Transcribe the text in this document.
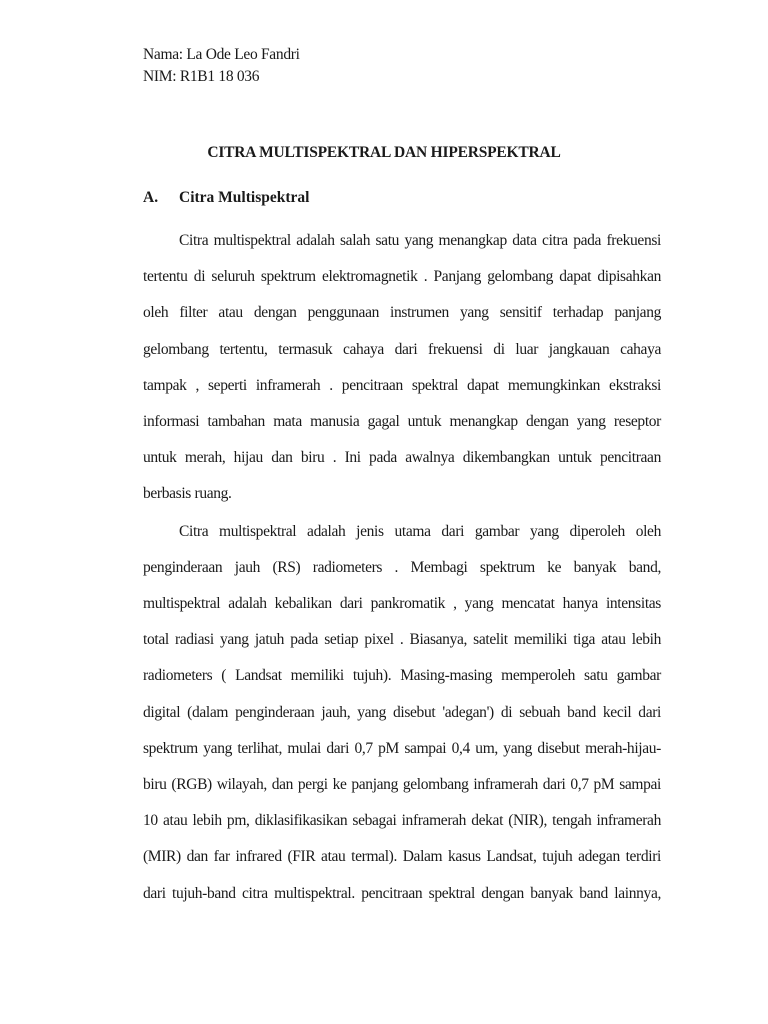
Nama: La Ode Leo Fandri
NIM: R1B1 18 036
CITRA MULTISPEKTRAL DAN HIPERSPEKTRAL
A. Citra Multispektral
Citra multispektral adalah salah satu yang menangkap data citra pada frekuensi
tertentu di seluruh spektrum elektromagnetik . Panjang gelombang dapat dipisahkan
oleh filter atau dengan penggunaan instrumen yang sensitif terhadap panjang
gelombang tertentu, termasuk cahaya dari frekuensi di luar jangkauan cahaya
tampak , seperti inframerah . pencitraan spektral dapat memungkinkan ekstraksi
informasi tambahan mata manusia gagal untuk menangkap dengan yang reseptor
untuk merah, hijau dan biru . Ini pada awalnya dikembangkan untuk pencitraan
berbasis ruang.
Citra multispektral adalah jenis utama dari gambar yang diperoleh oleh
penginderaan jauh (RS) radiometers . Membagi spektrum ke banyak band,
multispektral adalah kebalikan dari pankromatik , yang mencatat hanya intensitas
total radiasi yang jatuh pada setiap pixel . Biasanya, satelit memiliki tiga atau lebih
radiometers ( Landsat memiliki tujuh). Masing-masing memperoleh satu gambar
digital (dalam penginderaan jauh, yang disebut 'adegan') di sebuah band kecil dari
spektrum yang terlihat, mulai dari 0,7 pM sampai 0,4 um, yang disebut merah-hijau-
biru (RGB) wilayah, dan pergi ke panjang gelombang inframerah dari 0,7 pM sampai
10 atau lebih pm, diklasifikasikan sebagai inframerah dekat (NIR), tengah inframerah
(MIR) dan far infrared (FIR atau termal). Dalam kasus Landsat, tujuh adegan terdiri
dari tujuh-band citra multispektral. pencitraan spektral dengan banyak band lainnya,
